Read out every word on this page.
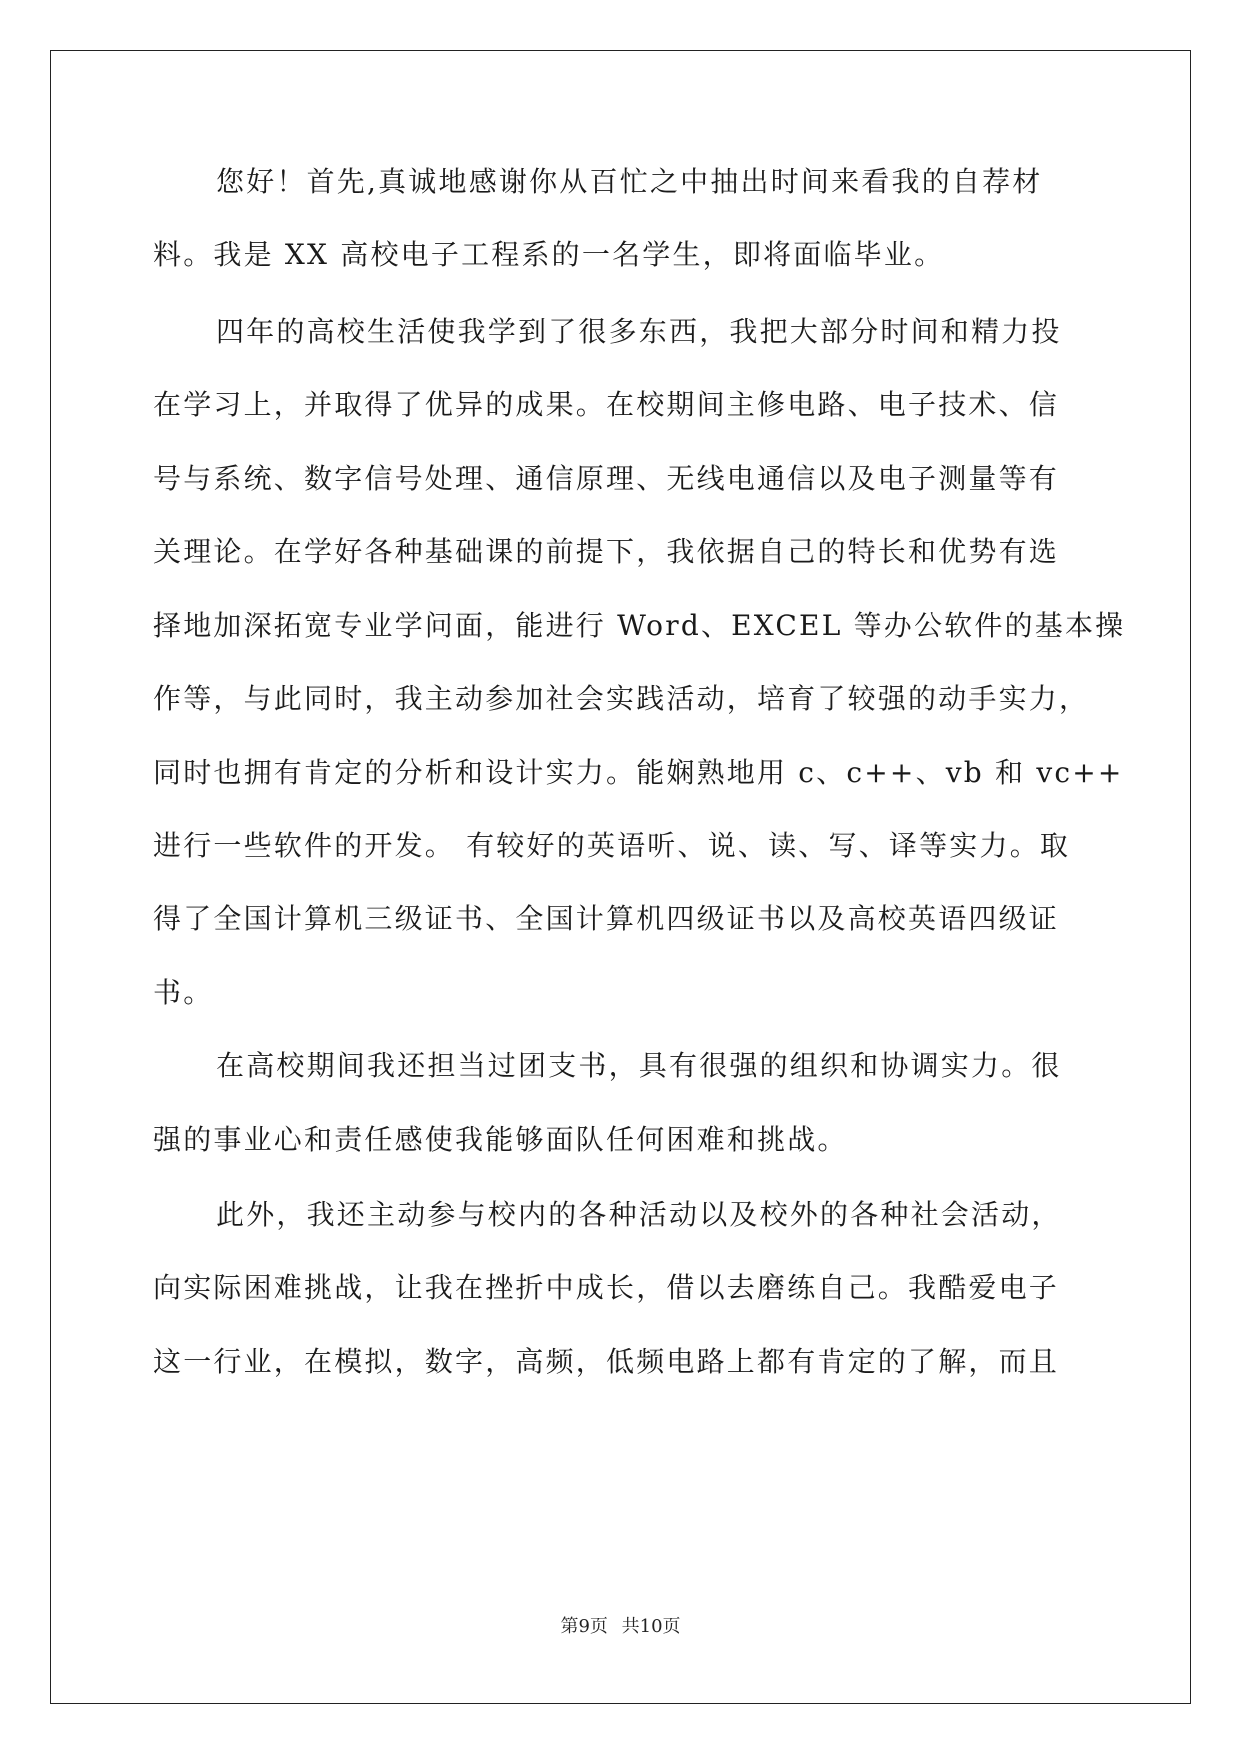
您好！首先,真诚地感谢你从百忙之中抽出时间来看我的自荐材
料。我是 XX 高校电子工程系的一名学生，即将面临毕业。
四年的高校生活使我学到了很多东西，我把大部分时间和精力投
在学习上，并取得了优异的成果。在校期间主修电路、电子技术、信
号与系统、数字信号处理、通信原理、无线电通信以及电子测量等有
关理论。在学好各种基础课的前提下，我依据自己的特长和优势有选
择地加深拓宽专业学问面，能进行 Word、EXCEL 等办公软件的基本操
作等，与此同时，我主动参加社会实践活动，培育了较强的动手实力，
同时也拥有肯定的分析和设计实力。能娴熟地用 c、c++、vb 和 vc++
进行一些软件的开发。 有较好的英语听、说、读、写、译等实力。取
得了全国计算机三级证书、全国计算机四级证书以及高校英语四级证
书。
在高校期间我还担当过团支书，具有很强的组织和协调实力。很
强的事业心和责任感使我能够面队任何困难和挑战。
此外，我还主动参与校内的各种活动以及校外的各种社会活动，
向实际困难挑战，让我在挫折中成长，借以去磨练自己。我酷爱电子
这一行业，在模拟，数字，高频，低频电路上都有肯定的了解，而且
第9页 共10页
